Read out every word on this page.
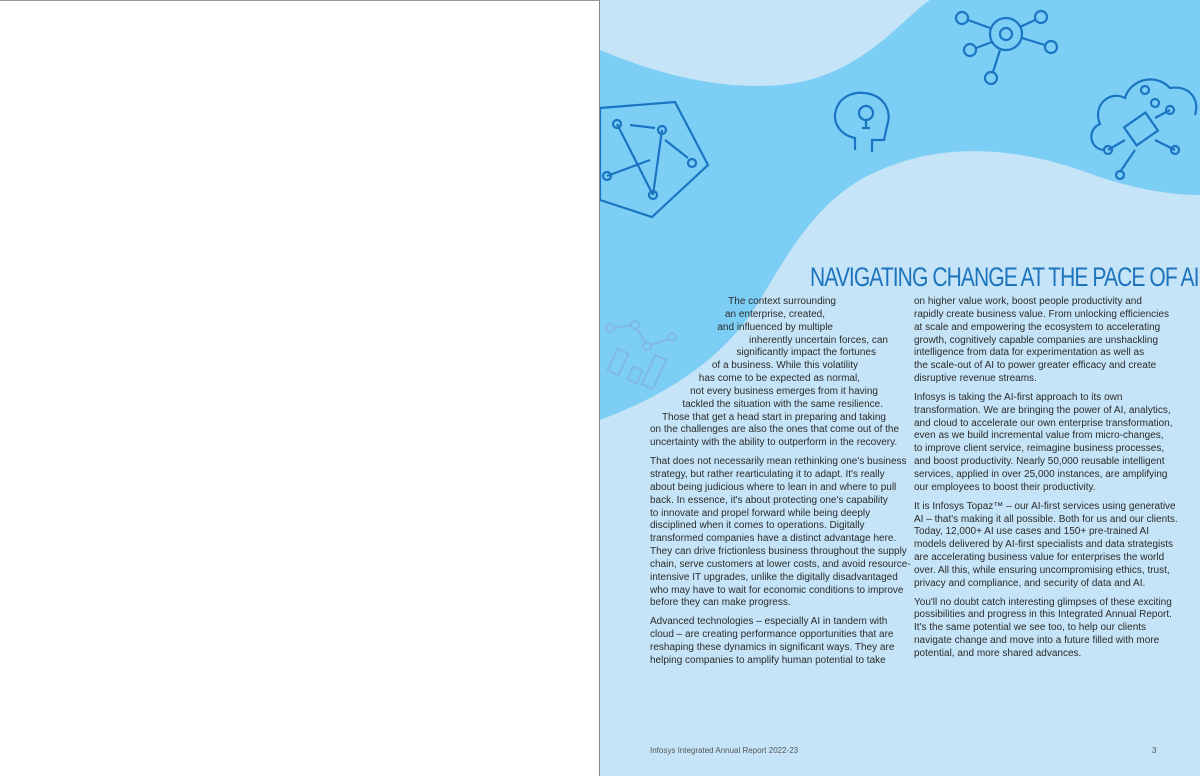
NAVIGATING CHANGE AT THE PACE OF AI

The context surrounding
an enterprise, created,
and influenced by multiple
inherently uncertain forces, can
significantly impact the fortunes
of a business. While this volatility
has come to be expected as normal,
not every business emerges from it having
tackled the situation with the same resilience.
Those that get a head start in preparing and taking
on the challenges are also the ones that come out of the
uncertainty with the ability to outperform in the recovery.

That does not necessarily mean rethinking one's business
strategy, but rather rearticulating it to adapt. It's really
about being judicious where to lean in and where to pull
back. In essence, it's about protecting one's capability
to innovate and propel forward while being deeply
disciplined when it comes to operations. Digitally
transformed companies have a distinct advantage here.
They can drive frictionless business throughout the supply
chain, serve customers at lower costs, and avoid resource-
intensive IT upgrades, unlike the digitally disadvantaged
who may have to wait for economic conditions to improve
before they can make progress.

Advanced technologies – especially AI in tandem with
cloud – are creating performance opportunities that are
reshaping these dynamics in significant ways. They are
helping companies to amplify human potential to take

on higher value work, boost people productivity and
rapidly create business value. From unlocking efficiencies
at scale and empowering the ecosystem to accelerating
growth, cognitively capable companies are unshackling
intelligence from data for experimentation as well as
the scale-out of AI to power greater efficacy and create
disruptive revenue streams.

Infosys is taking the AI-first approach to its own
transformation. We are bringing the power of AI, analytics,
and cloud to accelerate our own enterprise transformation,
even as we build incremental value from micro-changes,
to improve client service, reimagine business processes,
and boost productivity. Nearly 50,000 reusable intelligent
services, applied in over 25,000 instances, are amplifying
our employees to boost their productivity.

It is Infosys Topaz™ – our AI-first services using generative
AI – that's making it all possible. Both for us and our clients.
Today, 12,000+ AI use cases and 150+ pre-trained AI
models delivered by AI-first specialists and data strategists
are accelerating business value for enterprises the world
over. All this, while ensuring uncompromising ethics, trust,
privacy and compliance, and security of data and AI.

You'll no doubt catch interesting glimpses of these exciting
possibilities and progress in this Integrated Annual Report.
It's the same potential we see too, to help our clients
navigate change and move into a future filled with more
potential, and more shared advances.

Infosys Integrated Annual Report 2022-23	3
